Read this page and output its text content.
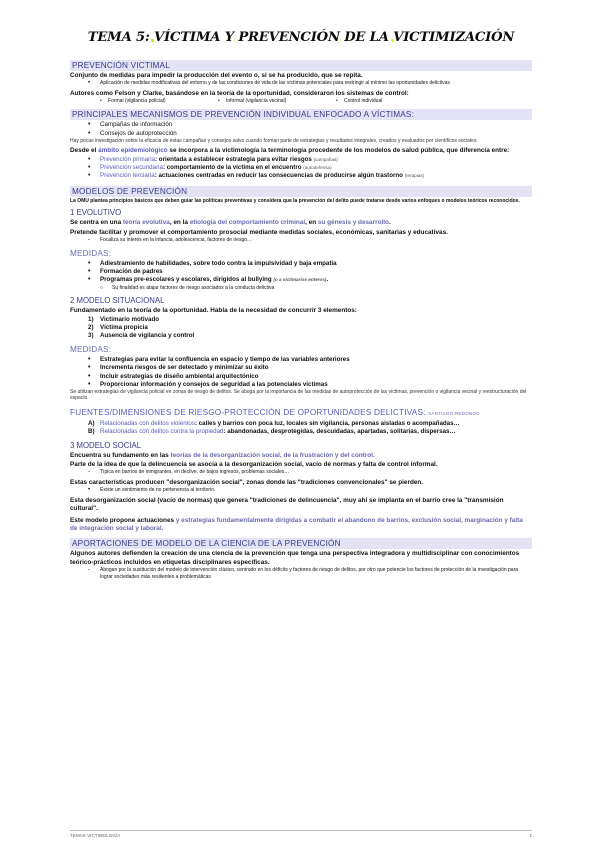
TEMA 5: VÍCTIMA Y PREVENCIÓN DE LA VICTIMIZACIÓN
PREVENCIÓN VICTIMAL

Conjunto de medidas para impedir la producción del evento o, si se ha producido, que se repita.

• Aplicación de medidas modificativas del entorno y de las condiciones de vida de las víctimas potenciales para restringir al mínimo las oportunidades delictivas

Autores como Felson y Clarke, basándose en la teoría de la oportunidad, consideraron los sistemas de control:

• Formal (vigilancia policial)	• Informal (vigilancia vecinal)	• Control individual
PRINCIPALES MECANISMOS DE PREVENCIÓN INDIVIDUAL ENFOCADO A VÍCTIMAS:
• Campañas de información
• Consejos de autoprotección

Hay pocas investigación sobre la eficacia de estas campañas y consejos salvo cuando forman parte de estrategias y resultados integrales, creados y evaluados por científicos sociales.

Desde el ámbito epidemiológico se incorpora a la victimología la terminología procedente de los modelos de salud pública, que diferencia entre:

• Prevención primaria: orientada a establecer estrategia para evitar riesgos (campañas)
• Prevención secundaria: comportamiento de la víctima en el encuentro (autodefensa)
• Prevención terciaria: actuaciones centradas en reducir las consecuencias de producirse algún trastorno (terapias)
MODELOS DE PREVENCIÓN

La OMU plantea principios básicos que deben guiar las políticas preventivas y considera que la prevención del delito puede tratarse desde varios enfoques o modelos teóricos reconocidos.

1 EVOLUTIVO

Se centra en una teoría evolutiva, en la etiología del comportamiento criminal, en su génesis y desarrollo.

Pretende facilitar y promover el comportamiento prosocial mediante medidas sociales, económicas, sanitarias y educativas.

- Focaliza su interés en la infancia, adolescencia, factores de riesgo…
MEDIDAS:
• Adiestramiento de habilidades, sobre todo contra la impulsividad y baja empatía
• Formación de padres
• Programas pre-escolares y escolares, dirigidos al bullying (o a victimarios enteros).
○ Su finalidad es atajar factores de riesgo asociados a la conducta delictiva
2 MODELO SITUACIONAL

Fundamentado en la teoría de la oportunidad. Habla de la necesidad de concurrir 3 elementos:

1) Victimario motivado
2) Víctima propicia
3) Ausencia de vigilancia y control
MEDIDAS:
• Estrategias para evitar la confluencia en espacio y tiempo de las variables anteriores
• Incrementa riesgos de ser detectado y minimizar su éxito
• Incluir estrategias de diseño ambiental arquitectónico
• Proporcionar información y consejos de seguridad a las potenciales víctimas

Se utilizan estrategias de vigilancia policial en zonas de riesgo de delitos. Se aboga por la importancia de las medidas de autoprotección de las víctimas, prevención o vigilancia vecinal y reestructuración del espacio.

FUENTES/DIMENSIONES DE RIESGO-PROTECCIÓN DE OPORTUNIDADES DELICTIVAS: SANTIAGO REDONDO
A) Relacionadas con delitos violentos: calles y barrios con poca luz, locales sin vigilancia, personas aisladas o acompañadas…
B) Relacionadas con delitos contra la propiedad: abandonadas, desprotegidas, descuidadas, apartadas, solitarias, dispersas…
3 MODELO SOCIAL

Encuentra su fundamento en las teorías de la desorganización social, de la frustración y del control.

Parte de la idea de que la delincuencia se asocia a la desorganización social, vacío de normas y falta de control informal.

- Típica en barrios de inmigrantes, en declive, de bajos ingresos, problemas sociales…

Estas características producen "desorganización social", zonas donde las "tradiciones convencionales" se pierden.

• Existe un sentimiento de no pertenencia al territorio.

Esta desorganización social (vacío de normas) que genera "tradiciones de delincuencia", muy ahí se implanta en el barrio cree la "transmisión cultural".

Este modelo propone actuaciones y estrategias fundamentalmente dirigidas a combatir el abandono de barrios, exclusión social, marginación y falta de integración social y laboral.

APORTACIONES DE MODELO DE LA CIENCIA DE LA PREVENCIÓN

Algunos autores defienden la creación de una ciencia de la prevención que tenga una perspectiva integradora y multidisciplinar con conocimientos teórico-prácticos incluidos en etiquetas disciplinares específicas.

- Abogan por la sustitución del modelo de intervención clásico, centrado en los déficits y factores de riesgo de delitos, por otro que potencie los factores de protección de la investigación para lograr sociedades más resilientes a problemáticas
TEMAS VICTIMOLOGÍA	1
